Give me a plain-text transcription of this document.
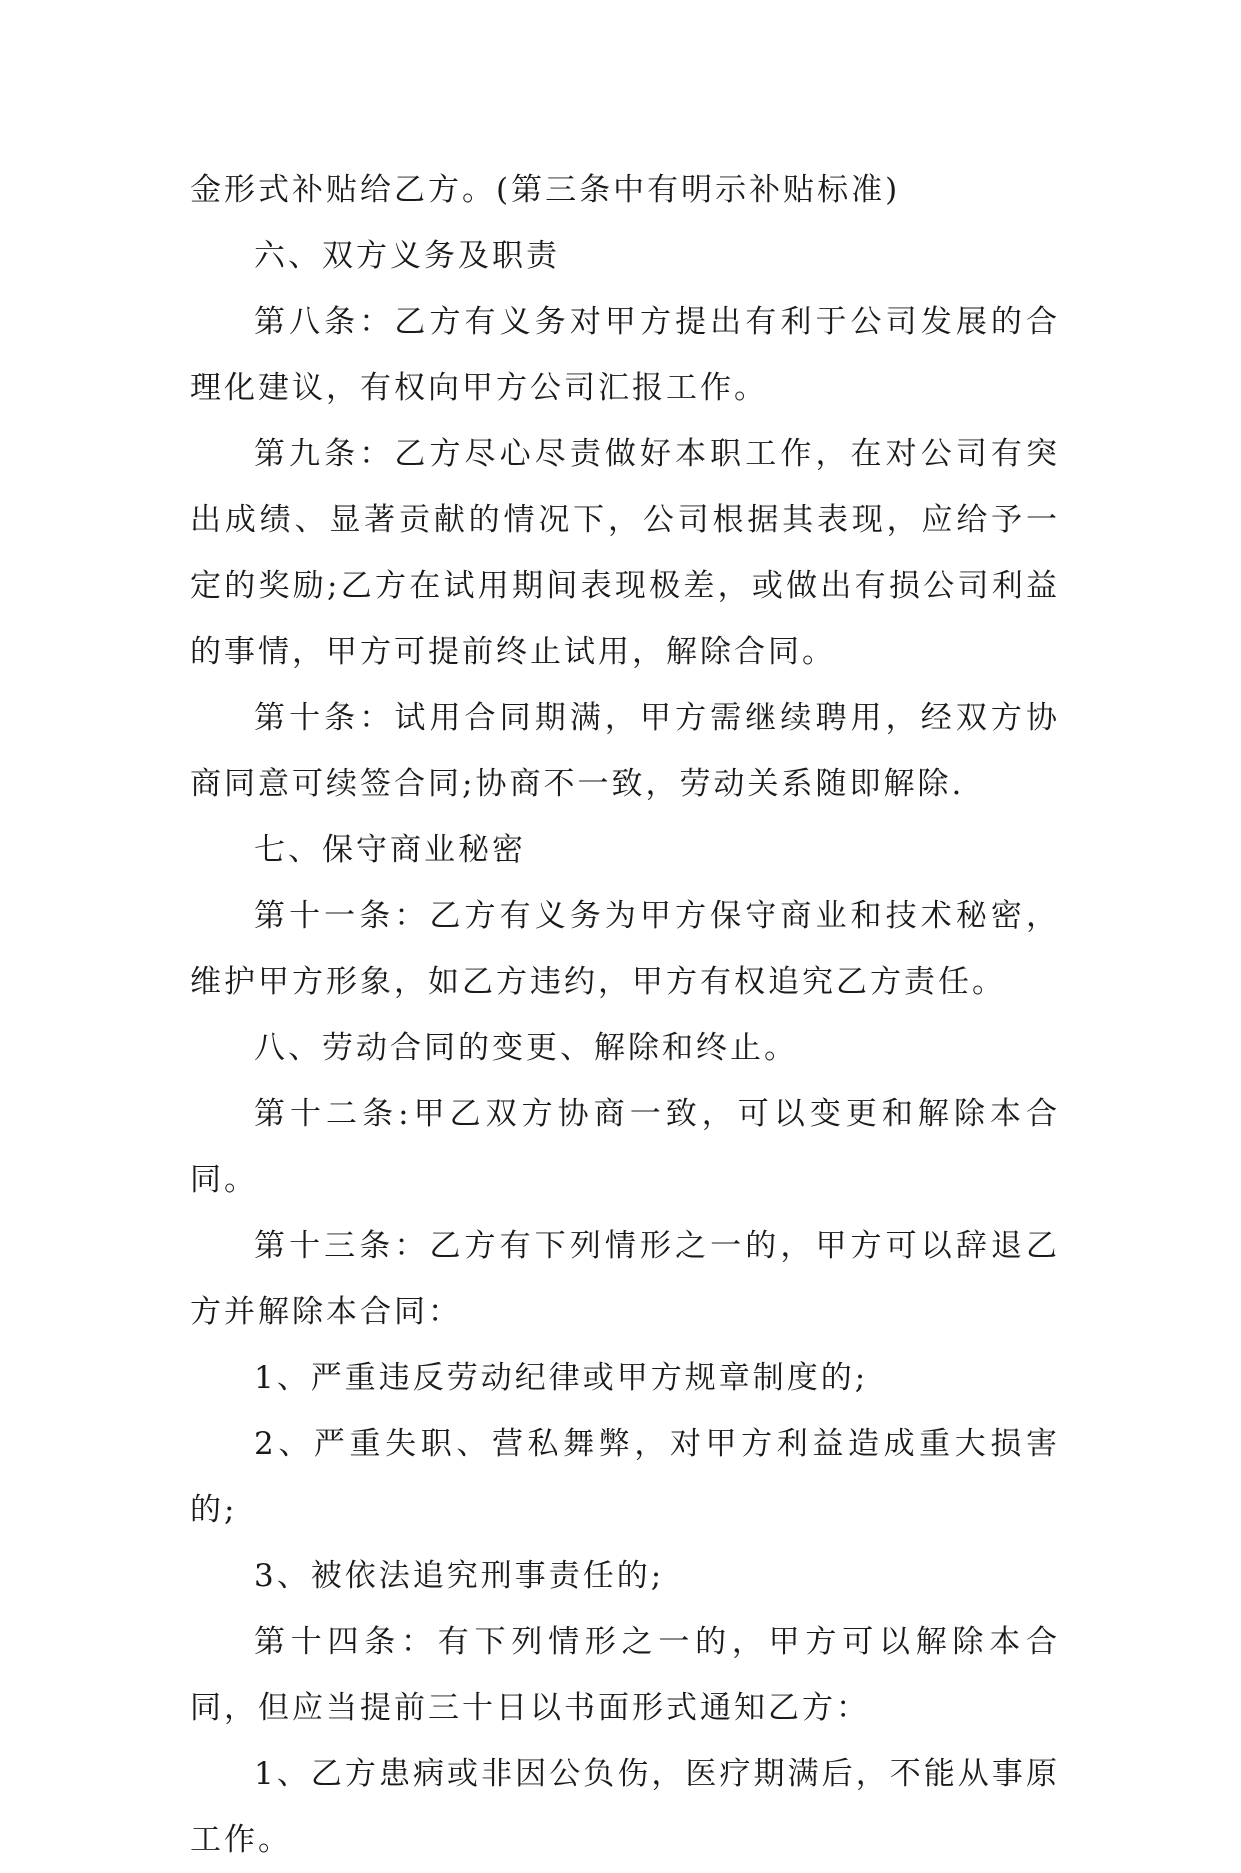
金形式补贴给乙方。(第三条中有明示补贴标准)

六、双方义务及职责

第八条：乙方有义务对甲方提出有利于公司发展的合理化建议，有权向甲方公司汇报工作。

第九条：乙方尽心尽责做好本职工作，在对公司有突出成绩、显著贡献的情况下，公司根据其表现，应给予一定的奖励;乙方在试用期间表现极差，或做出有损公司利益的事情，甲方可提前终止试用，解除合同。

第十条：试用合同期满，甲方需继续聘用，经双方协商同意可续签合同;协商不一致，劳动关系随即解除.

七、保守商业秘密

第十一条：乙方有义务为甲方保守商业和技术秘密，维护甲方形象，如乙方违约，甲方有权追究乙方责任。

八、劳动合同的变更、解除和终止。

第十二条:甲乙双方协商一致，可以变更和解除本合同。

第十三条：乙方有下列情形之一的，甲方可以辞退乙方并解除本合同：

1、严重违反劳动纪律或甲方规章制度的;

2、严重失职、营私舞弊，对甲方利益造成重大损害的;

3、被依法追究刑事责任的;

第十四条：有下列情形之一的，甲方可以解除本合同，但应当提前三十日以书面形式通知乙方：

1、乙方患病或非因公负伤，医疗期满后，不能从事原工作。
